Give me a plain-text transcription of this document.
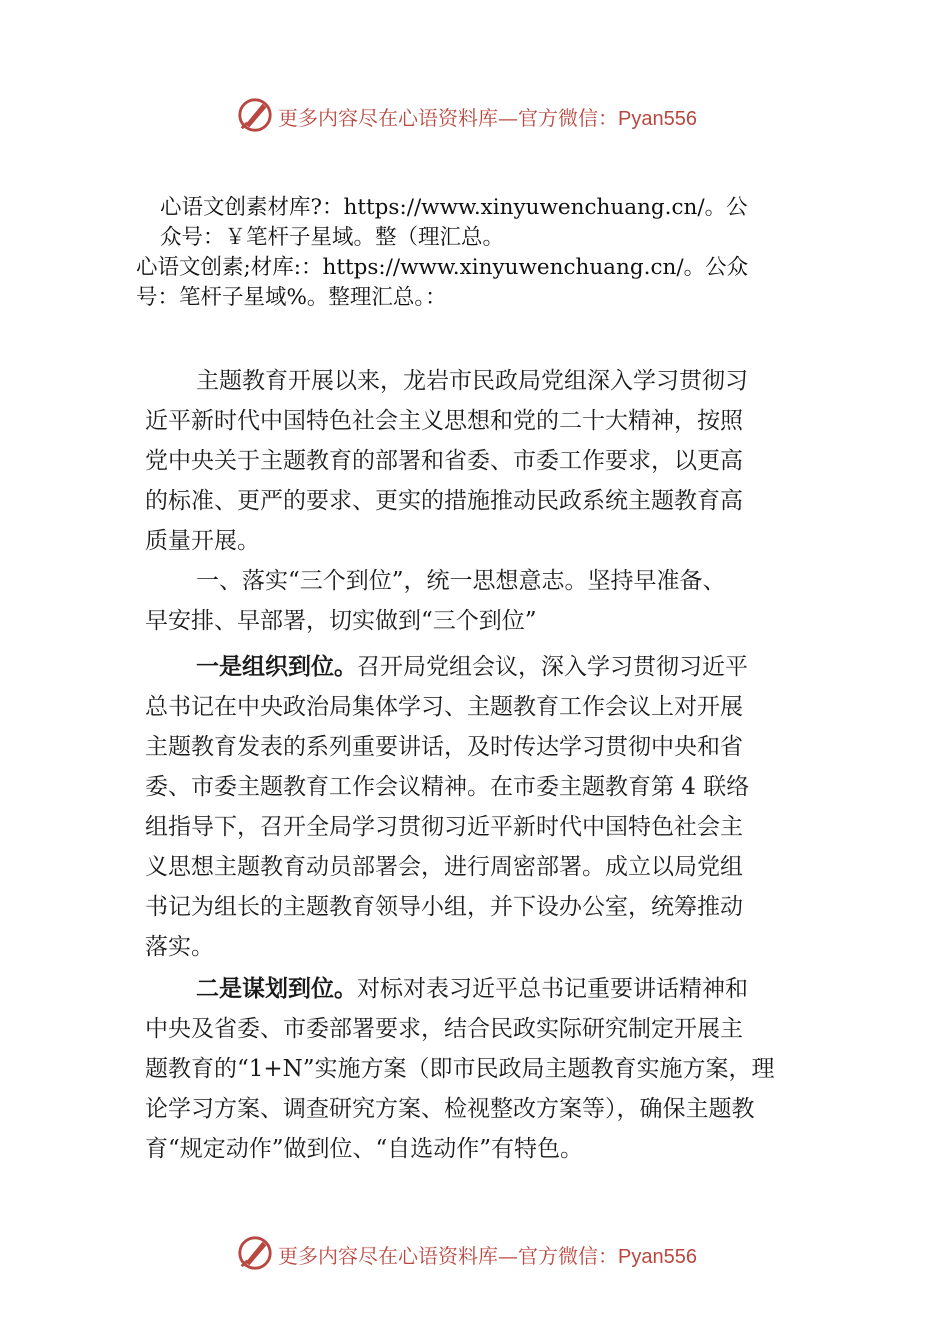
更多内容尽在心语资料库—官方微信：Pyan556
心语文创素材库?：https://www.xinyuwenchuang.cn/。公
众号：￥笔杆子星域。整（理汇总。
心语文创素;材库:：https://www.xinyuwenchuang.cn/。公众
号：笔杆子星域%。整理汇总。：
主题教育开展以来，龙岩市民政局党组深入学习贯彻习
近平新时代中国特色社会主义思想和党的二十大精神，按照
党中央关于主题教育的部署和省委、市委工作要求，以更高
的标准、更严的要求、更实的措施推动民政系统主题教育高
质量开展。
一、落实“三个到位”，统一思想意志。坚持早准备、
早安排、早部署，切实做到“三个到位”
一是组织到位。召开局党组会议，深入学习贯彻习近平
总书记在中央政治局集体学习、主题教育工作会议上对开展
主题教育发表的系列重要讲话，及时传达学习贯彻中央和省
委、市委主题教育工作会议精神。在市委主题教育第 4 联络
组指导下，召开全局学习贯彻习近平新时代中国特色社会主
义思想主题教育动员部署会，进行周密部署。成立以局党组
书记为组长的主题教育领导小组，并下设办公室，统筹推动
落实。
二是谋划到位。对标对表习近平总书记重要讲话精神和
中央及省委、市委部署要求，结合民政实际研究制定开展主
题教育的“1+N”实施方案（即市民政局主题教育实施方案，理
论学习方案、调查研究方案、检视整改方案等），确保主题教
育“规定动作”做到位、“自选动作”有特色。
更多内容尽在心语资料库—官方微信：Pyan556
